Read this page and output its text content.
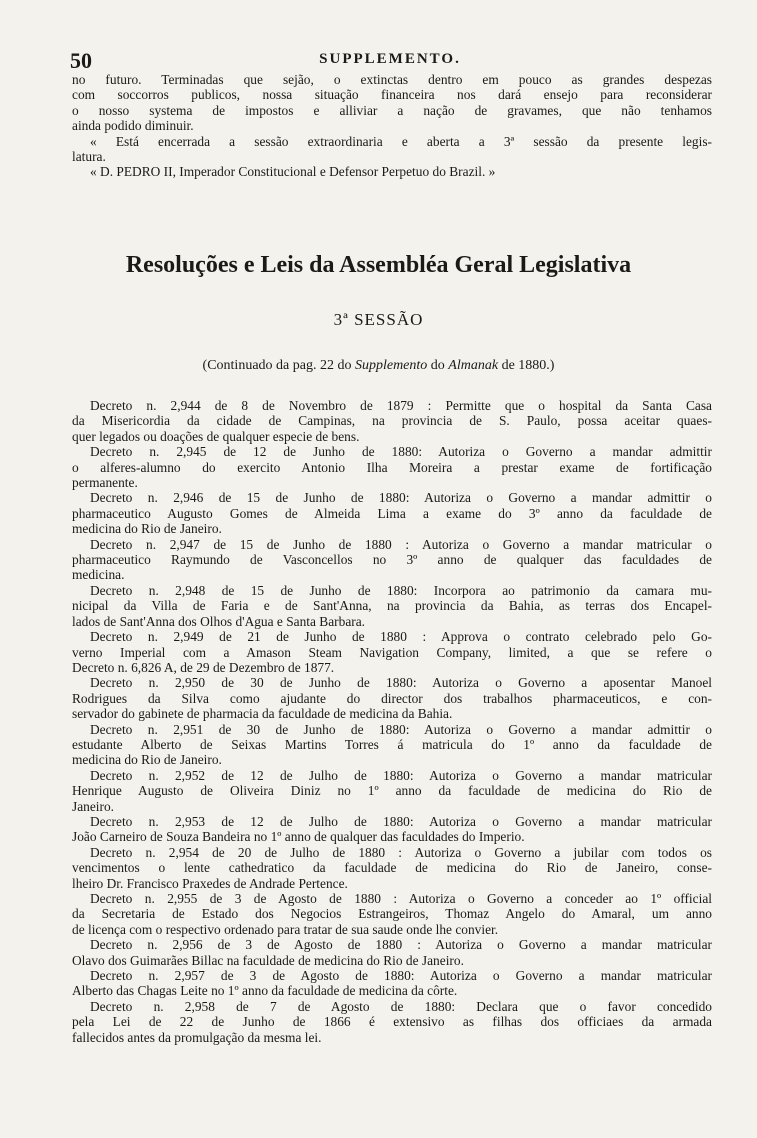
50	SUPPLEMENTO.
no futuro. Terminadas que sejão, o extinctas dentro em pouco as grandes despezas
com soccorros publicos, nossa situação financeira nos dará ensejo para reconsiderar
o nosso systema de impostos e alliviar a nação de gravames, que não tenhamos
ainda podido diminuir.
« Está encerrada a sessão extraordinaria e aberta a 3ª sessão da presente legis-
latura.
« D. PEDRO II, Imperador Constitucional e Defensor Perpetuo do Brazil. »
Resoluções e Leis da Assembléa Geral Legislativa
3ª SESSÃO
(Continuado da pag. 22 do Supplemento do Almanak de 1880.)
Decreto n. 2,944 de 8 de Novembro de 1879 : Permitte que o hospital da Santa Casa
da Misericordia da cidade de Campinas, na provincia de S. Paulo, possa aceitar quaes-
quer legados ou doações de qualquer especie de bens.
Decreto n. 2,945 de 12 de Junho de 1880: Autoriza o Governo a mandar admittir
o alferes-alumno do exercito Antonio Ilha Moreira a prestar exame de fortificação
permanente.
Decreto n. 2,946 de 15 de Junho de 1880: Autoriza o Governo a mandar admittir o
pharmaceutico Augusto Gomes de Almeida Lima a exame do 3º anno da faculdade de
medicina do Rio de Janeiro.
Decreto n. 2,947 de 15 de Junho de 1880 : Autoriza o Governo a mandar matricular o
pharmaceutico Raymundo de Vasconcellos no 3º anno de qualquer das faculdades de
medicina.
Decreto n. 2,948 de 15 de Junho de 1880: Incorpora ao patrimonio da camara mu-
nicipal da Villa de Faria e de Sant'Anna, na provincia da Bahia, as terras dos Encapel-
lados de Sant'Anna dos Olhos d'Agua e Santa Barbara.
Decreto n. 2,949 de 21 de Junho de 1880 : Approva o contrato celebrado pelo Go-
verno Imperial com a Amason Steam Navigation Company, limited, a que se refere o
Decreto n. 6,826 A, de 29 de Dezembro de 1877.
Decreto n. 2,950 de 30 de Junho de 1880: Autoriza o Governo a aposentar Manoel
Rodrigues da Silva como ajudante do director dos trabalhos pharmaceuticos, e con-
servador do gabinete de pharmacia da faculdade de medicina da Bahia.
Decreto n. 2,951 de 30 de Junho de 1880: Autoriza o Governo a mandar admittir o
estudante Alberto de Seixas Martins Torres á matricula do 1º anno da faculdade de
medicina do Rio de Janeiro.
Decreto n. 2,952 de 12 de Julho de 1880: Autoriza o Governo a mandar matricular
Henrique Augusto de Oliveira Diniz no 1º anno da faculdade de medicina do Rio de
Janeiro.
Decreto n. 2,953 de 12 de Julho de 1880: Autoriza o Governo a mandar matricular
João Carneiro de Souza Bandeira no 1º anno de qualquer das faculdades do Imperio.
Decreto n. 2,954 de 20 de Julho de 1880 : Autoriza o Governo a jubilar com todos os
vencimentos o lente cathedratico da faculdade de medicina do Rio de Janeiro, conse-
lheiro Dr. Francisco Praxedes de Andrade Pertence.
Decreto n. 2,955 de 3 de Agosto de 1880 : Autoriza o Governo a conceder ao 1º official
da Secretaria de Estado dos Negocios Estrangeiros, Thomaz Angelo do Amaral, um anno
de licença com o respectivo ordenado para tratar de sua saude onde lhe convier.
Decreto n. 2,956 de 3 de Agosto de 1880 : Autoriza o Governo a mandar matricular
Olavo dos Guimarães Billac na faculdade de medicina do Rio de Janeiro.
Decreto n. 2,957 de 3 de Agosto de 1880: Autoriza o Governo a mandar matricular
Alberto das Chagas Leite no 1º anno da faculdade de medicina da côrte.
Decreto n. 2,958 de 7 de Agosto de 1880: Declara que o favor concedido
pela Lei de 22 de Junho de 1866 é extensivo as filhas dos officiaes da armada
fallecidos antes da promulgação da mesma lei.
